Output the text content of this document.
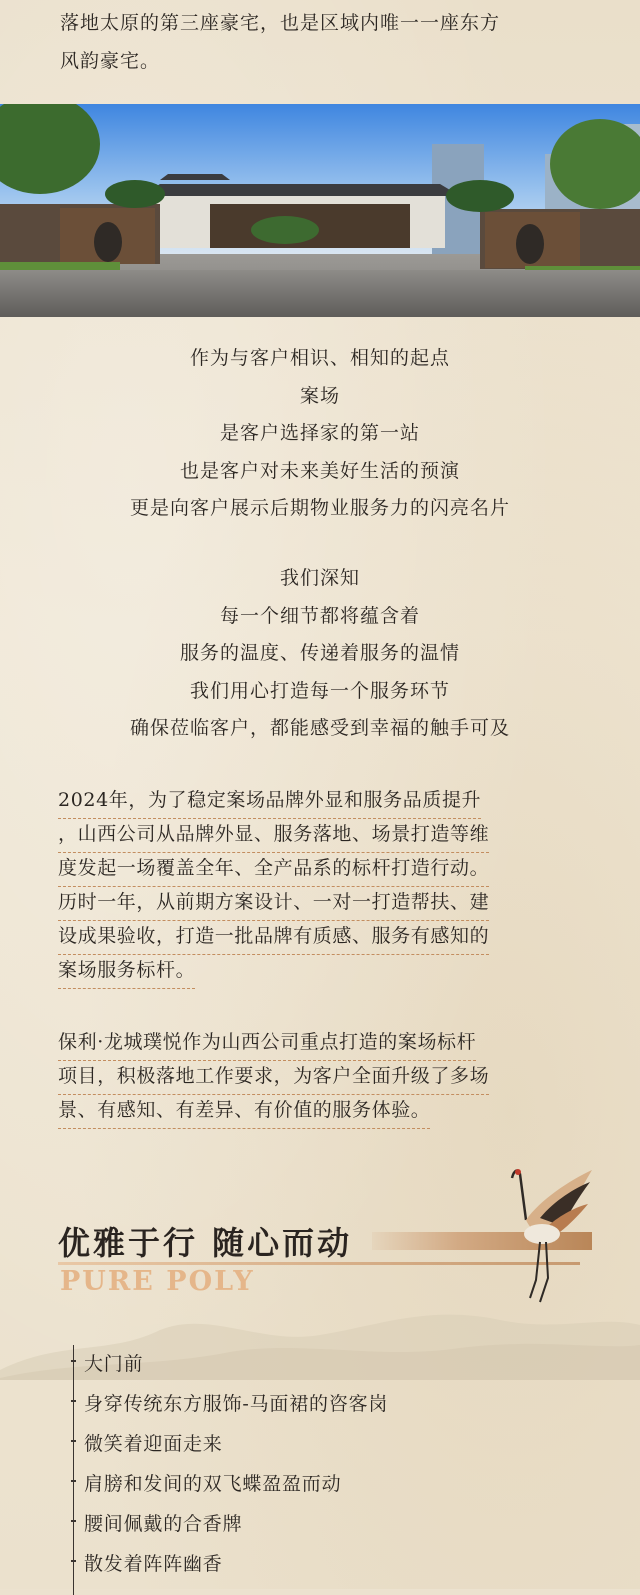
落地太原的第三座豪宅，也是区域内唯一一座东方
风韵豪宅。
作为与客户相识、相知的起点
案场
是客户选择家的第一站
也是客户对未来美好生活的预演
更是向客户展示后期物业服务力的闪亮名片
我们深知
每一个细节都将蕴含着
服务的温度、传递着服务的温情
我们用心打造每一个服务环节
确保莅临客户，都能感受到幸福的触手可及
2024年，为了稳定案场品牌外显和服务品质提升
，山西公司从品牌外显、服务落地、场景打造等维
度发起一场覆盖全年、全产品系的标杆打造行动。
历时一年，从前期方案设计、一对一打造帮扶、建
设成果验收，打造一批品牌有质感、服务有感知的
案场服务标杆。
保利·龙城璞悦作为山西公司重点打造的案场标杆
项目，积极落地工作要求，为客户全面升级了多场
景、有感知、有差异、有价值的服务体验。
优雅于行 随心而动
PURE POLY
大门前
身穿传统东方服饰-马面裙的咨客岗
微笑着迎面走来
肩膀和发间的双飞蝶盈盈而动
腰间佩戴的合香牌
散发着阵阵幽香
